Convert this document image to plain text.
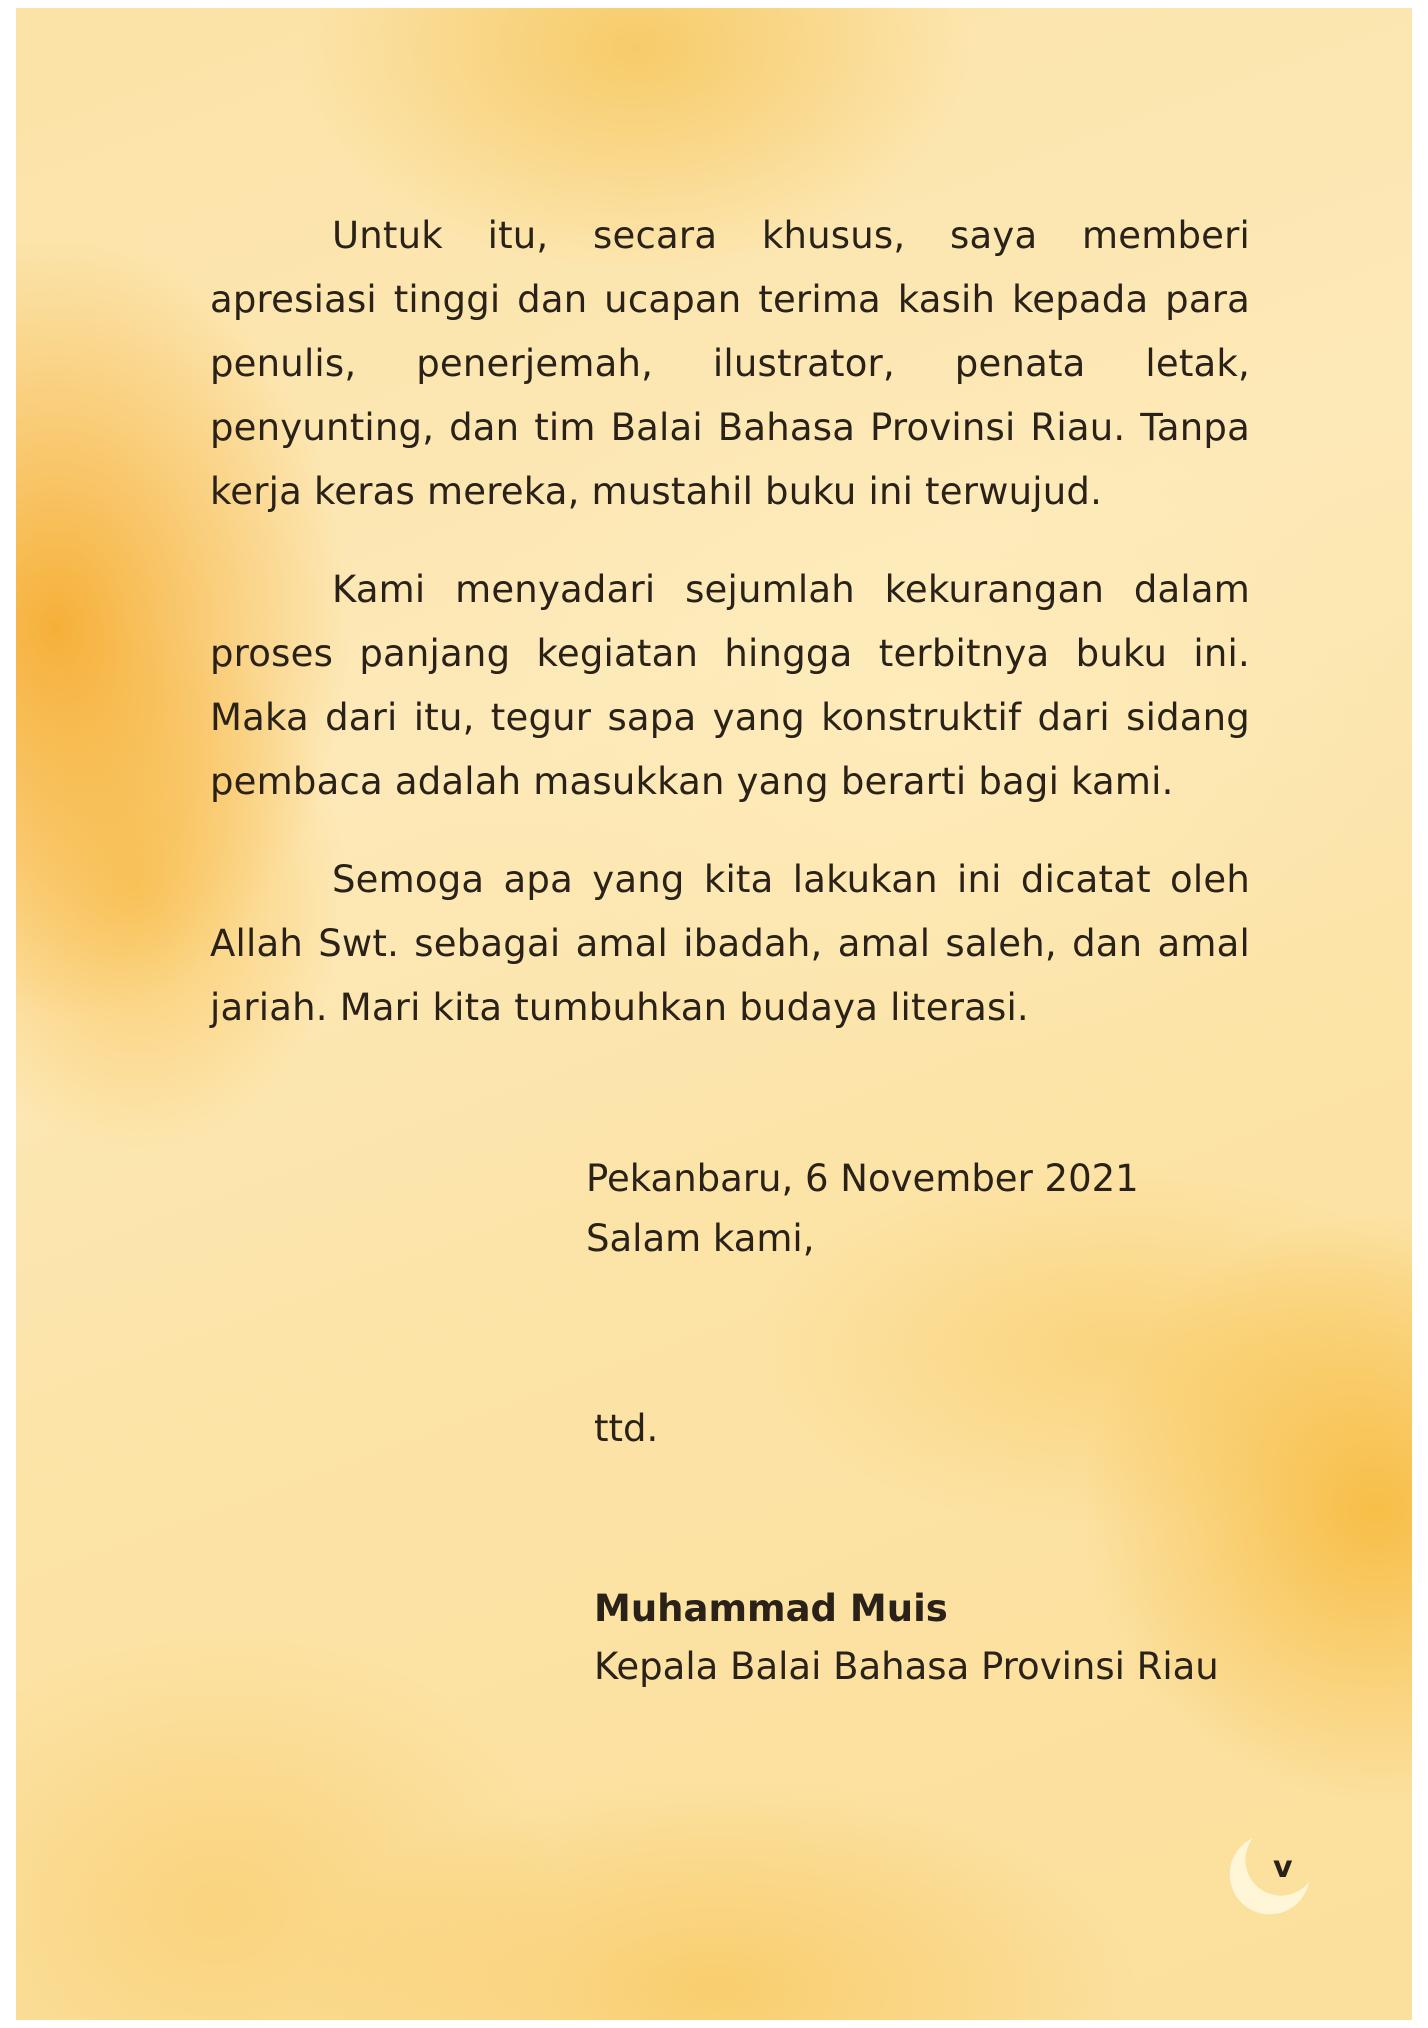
Untuk itu, secara khusus, saya memberi apresiasi tinggi dan ucapan terima kasih kepada para penulis, penerjemah, ilustrator, penata letak, penyunting, dan tim Balai Bahasa Provinsi Riau. Tanpa kerja keras mereka, mustahil buku ini terwujud.

Kami menyadari sejumlah kekurangan dalam proses panjang kegiatan hingga terbitnya buku ini. Maka dari itu, tegur sapa yang konstruktif dari sidang pembaca adalah masukkan yang berarti bagi kami.

Semoga apa yang kita lakukan ini dicatat oleh Allah Swt. sebagai amal ibadah, amal saleh, dan amal jariah. Mari kita tumbuhkan budaya literasi.

Pekanbaru, 6 November 2021
Salam kami,
ttd.
Muhammad Muis
Kepala Balai Bahasa Provinsi Riau
v
